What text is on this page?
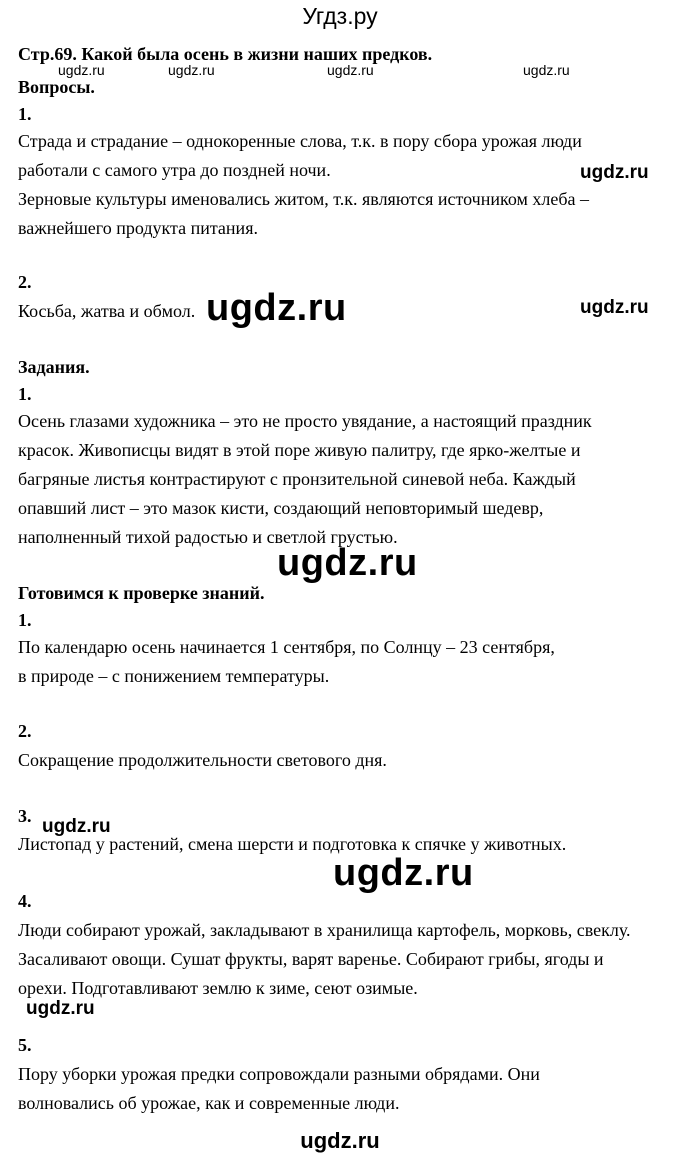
Угдз.ру
Стр.69. Какой была осень в жизни наших предков.
ugdz.ru	ugdz.ru	ugdz.ru	ugdz.ru
Вопросы.
1.
Страда и страдание – однокоренные слова, т.к. в пору сбора урожая люди
работали с самого утра до поздней ночи.	ugdz.ru
Зерновые культуры именовались житом, т.к. являются источником хлеба –
важнейшего продукта питания.
2.
Косьба, жатва и обмол. ugdz.ru	ugdz.ru
Задания.
1.
Осень глазами художника – это не просто увядание, а настоящий праздник
красок. Живописцы видят в этой поре живую палитру, где ярко-желтые и
багряные листья контрастируют с пронзительной синевой неба. Каждый
опавший лист – это мазок кисти, создающий неповторимый шедевр,
наполненный тихой радостью и светлой грустью.
ugdz.ru
Готовимся к проверке знаний.
1.
По календарю осень начинается 1 сентября, по Солнцу – 23 сентября,
в природе – с понижением температуры.
2.
Сокращение продолжительности светового дня.
3. ugdz.ru
Листопад у растений, смена шерсти и подготовка к спячке у животных.
ugdz.ru
4.
Люди собирают урожай, закладывают в хранилища картофель, морковь, свеклу.
Засаливают овощи. Сушат фрукты, варят варенье. Собирают грибы, ягоды и
орехи. Подготавливают землю к зиме, сеют озимые.
ugdz.ru
5.
Пору уборки урожая предки сопровождали разными обрядами. Они
волновались об урожае, как и современные люди.
ugdz.ru
